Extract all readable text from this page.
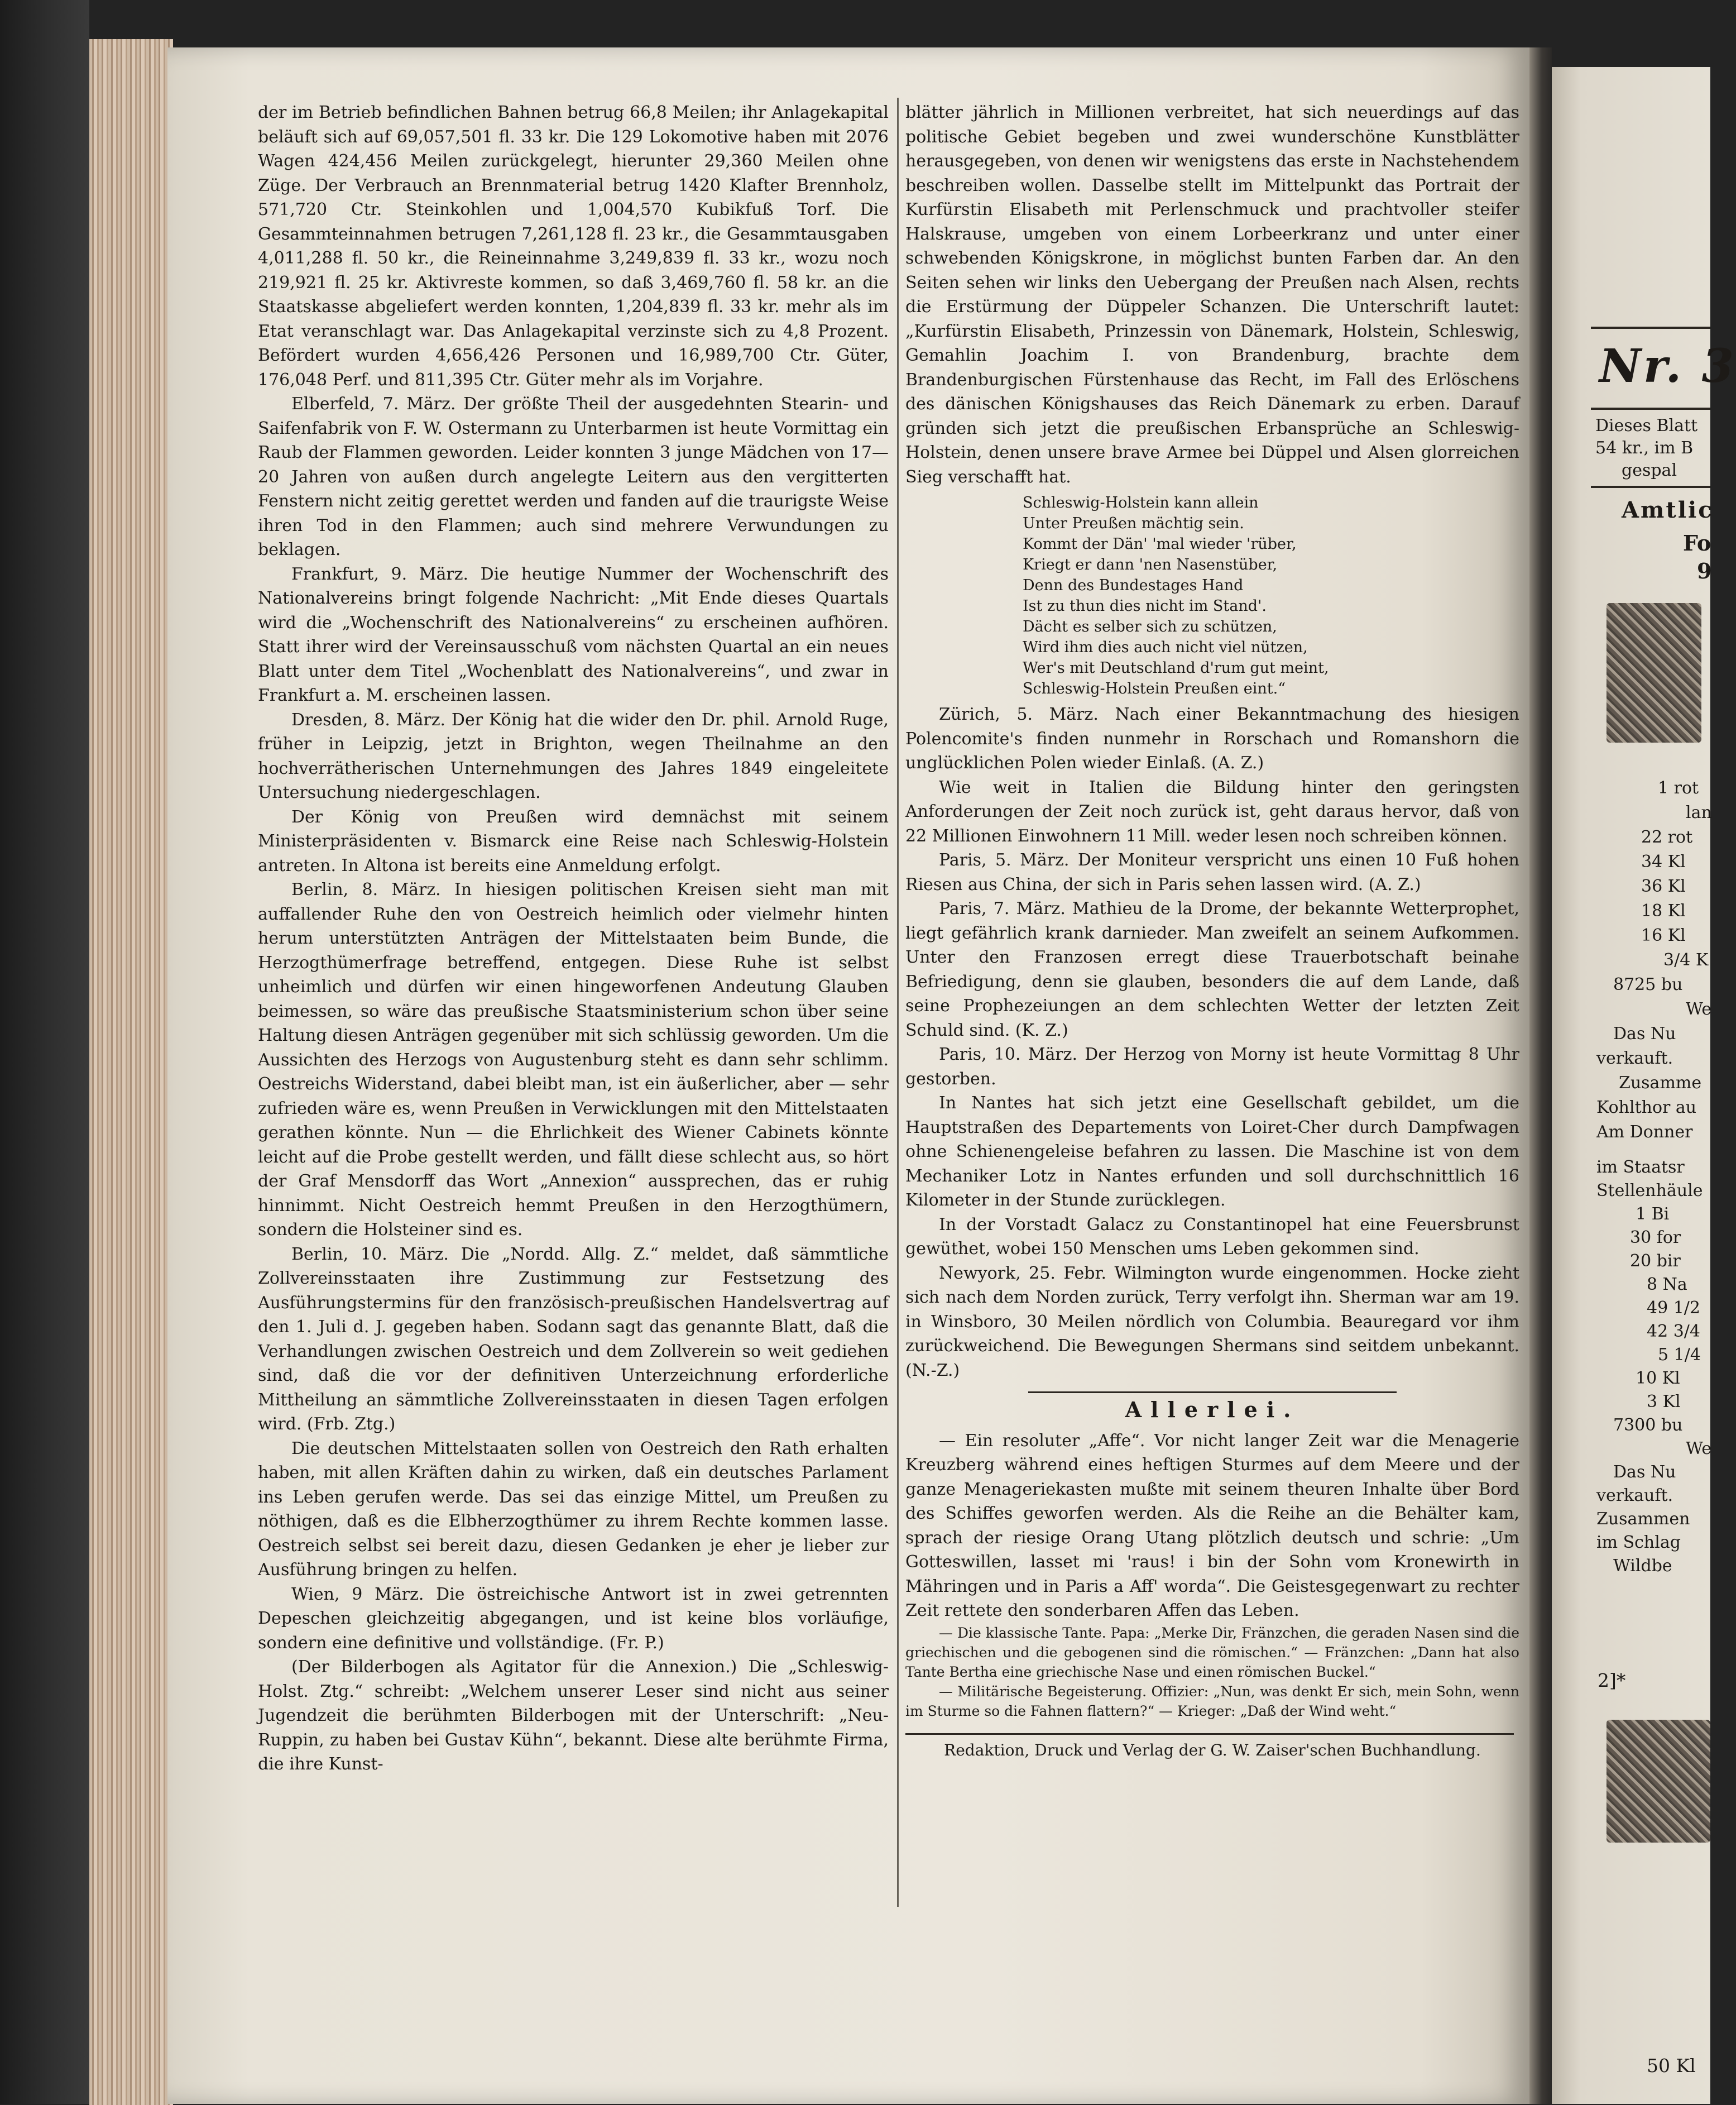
der im Betrieb befindlichen Bahnen betrug 66,8 Meilen; ihr Anlagekapital beläuft sich auf 69,057,501 fl. 33 kr. Die 129 Lokomotive haben mit 2076 Wagen 424,456 Meilen zurückgelegt, hierunter 29,360 Meilen ohne Züge. Der Verbrauch an Brennmaterial betrug 1420 Klafter Brennholz, 571,720 Ctr. Steinkohlen und 1,004,570 Kubikfuß Torf. Die Gesammteinnahmen betrugen 7,261,128 fl. 23 kr., die Gesammtausgaben 4,011,288 fl. 50 kr., die Reineinnahme 3,249,839 fl. 33 kr., wozu noch 219,921 fl. 25 kr. Aktivreste kommen, so daß 3,469,760 fl. 58 kr. an die Staatskasse abgeliefert werden konnten, 1,204,839 fl. 33 kr. mehr als im Etat veranschlagt war. Das Anlagekapital verzinste sich zu 4,8 Prozent. Befördert wurden 4,656,426 Personen und 16,989,700 Ctr. Güter, 176,048 Perf. und 811,395 Ctr. Güter mehr als im Vorjahre.

Elberfeld, 7. März. Der größte Theil der ausgedehnten Stearin- und Saifenfabrik von F. W. Ostermann zu Unterbarmen ist heute Vormittag ein Raub der Flammen geworden. Leider konnten 3 junge Mädchen von 17—20 Jahren von außen durch angelegte Leitern aus den vergitterten Fenstern nicht zeitig gerettet werden und fanden auf die traurigste Weise ihren Tod in den Flammen; auch sind mehrere Verwundungen zu beklagen.

Frankfurt, 9. März. Die heutige Nummer der Wochenschrift des Nationalvereins bringt folgende Nachricht: „Mit Ende dieses Quartals wird die „Wochenschrift des Nationalvereins“ zu erscheinen aufhören. Statt ihrer wird der Vereinsausschuß vom nächsten Quartal an ein neues Blatt unter dem Titel „Wochenblatt des Nationalvereins“, und zwar in Frankfurt a. M. erscheinen lassen.

Dresden, 8. März. Der König hat die wider den Dr. phil. Arnold Ruge, früher in Leipzig, jetzt in Brighton, wegen Theilnahme an den hochverrätherischen Unternehmungen des Jahres 1849 eingeleitete Untersuchung niedergeschlagen.

Der König von Preußen wird demnächst mit seinem Ministerpräsidenten v. Bismarck eine Reise nach Schleswig-Holstein antreten. In Altona ist bereits eine Anmeldung erfolgt.

Berlin, 8. März. In hiesigen politischen Kreisen sieht man mit auffallender Ruhe den von Oestreich heimlich oder vielmehr hinten herum unterstützten Anträgen der Mittelstaaten beim Bunde, die Herzogthümerfrage betreffend, entgegen. Diese Ruhe ist selbst unheimlich und dürfen wir einen hingeworfenen Andeutung Glauben beimessen, so wäre das preußische Staatsministerium schon über seine Haltung diesen Anträgen gegenüber mit sich schlüssig geworden. Um die Aussichten des Herzogs von Augustenburg steht es dann sehr schlimm. Oestreichs Widerstand, dabei bleibt man, ist ein äußerlicher, aber — sehr zufrieden wäre es, wenn Preußen in Verwicklungen mit den Mittelstaaten gerathen könnte. Nun — die Ehrlichkeit des Wiener Cabinets könnte leicht auf die Probe gestellt werden, und fällt diese schlecht aus, so hört der Graf Mensdorff das Wort „Annexion“ aussprechen, das er ruhig hinnimmt. Nicht Oestreich hemmt Preußen in den Herzogthümern, sondern die Holsteiner sind es.

Berlin, 10. März. Die „Nordd. Allg. Z.“ meldet, daß sämmtliche Zollvereinsstaaten ihre Zustimmung zur Festsetzung des Ausführungstermins für den französisch-preußischen Handelsvertrag auf den 1. Juli d. J. gegeben haben. Sodann sagt das genannte Blatt, daß die Verhandlungen zwischen Oestreich und dem Zollverein so weit gediehen sind, daß die vor der definitiven Unterzeichnung erforderliche Mittheilung an sämmtliche Zollvereinsstaaten in diesen Tagen erfolgen wird. (Frb. Ztg.)

Die deutschen Mittelstaaten sollen von Oestreich den Rath erhalten haben, mit allen Kräften dahin zu wirken, daß ein deutsches Parlament ins Leben gerufen werde. Das sei das einzige Mittel, um Preußen zu nöthigen, daß es die Elbherzogthümer zu ihrem Rechte kommen lasse. Oestreich selbst sei bereit dazu, diesen Gedanken je eher je lieber zur Ausführung bringen zu helfen.

Wien, 9 März. Die östreichische Antwort ist in zwei getrennten Depeschen gleichzeitig abgegangen, und ist keine blos vorläufige, sondern eine definitive und vollständige. (Fr. P.)

(Der Bilderbogen als Agitator für die Annexion.) Die „Schleswig-Holst. Ztg.“ schreibt: „Welchem unserer Leser sind nicht aus seiner Jugendzeit die berühmten Bilderbogen mit der Unterschrift: „Neu-Ruppin, zu haben bei Gustav Kühn“, bekannt. Diese alte berühmte Firma, die ihre Kunst-

blätter jährlich in Millionen verbreitet, hat sich neuerdings auf das politische Gebiet begeben und zwei wunderschöne Kunstblätter herausgegeben, von denen wir wenigstens das erste in Nachstehendem beschreiben wollen. Dasselbe stellt im Mittelpunkt das Portrait der Kurfürstin Elisabeth mit Perlenschmuck und prachtvoller steifer Halskrause, umgeben von einem Lorbeerkranz und unter einer schwebenden Königskrone, in möglichst bunten Farben dar. An den Seiten sehen wir links den Uebergang der Preußen nach Alsen, rechts die Erstürmung der Düppeler Schanzen. Die Unterschrift lautet: „Kurfürstin Elisabeth, Prinzessin von Dänemark, Holstein, Schleswig, Gemahlin Joachim I. von Brandenburg, brachte dem Brandenburgischen Fürstenhause das Recht, im Fall des Erlöschens des dänischen Königshauses das Reich Dänemark zu erben. Darauf gründen sich jetzt die preußischen Erbansprüche an Schleswig-Holstein, denen unsere brave Armee bei Düppel und Alsen glorreichen Sieg verschafft hat.

Schleswig-Holstein kann allein
Unter Preußen mächtig sein.
Kommt der Dän' 'mal wieder 'rüber,
Kriegt er dann 'nen Nasenstüber,
Denn des Bundestages Hand
Ist zu thun dies nicht im Stand'.
Dächt es selber sich zu schützen,
Wird ihm dies auch nicht viel nützen,
Wer's mit Deutschland d'rum gut meint,
Schleswig-Holstein Preußen eint.“

Zürich, 5. März. Nach einer Bekanntmachung des hiesigen Polencomite's finden nunmehr in Rorschach und Romanshorn die unglücklichen Polen wieder Einlaß. (A. Z.)

Wie weit in Italien die Bildung hinter den geringsten Anforderungen der Zeit noch zurück ist, geht daraus hervor, daß von 22 Millionen Einwohnern 11 Mill. weder lesen noch schreiben können.

Paris, 5. März. Der Moniteur verspricht uns einen 10 Fuß hohen Riesen aus China, der sich in Paris sehen lassen wird. (A. Z.)

Paris, 7. März. Mathieu de la Drome, der bekannte Wetterprophet, liegt gefährlich krank darnieder. Man zweifelt an seinem Aufkommen. Unter den Franzosen erregt diese Trauerbotschaft beinahe Befriedigung, denn sie glauben, besonders die auf dem Lande, daß seine Prophezeiungen an dem schlechten Wetter der letzten Zeit Schuld sind. (K. Z.)

Paris, 10. März. Der Herzog von Morny ist heute Vormittag 8 Uhr gestorben.

In Nantes hat sich jetzt eine Gesellschaft gebildet, um die Hauptstraßen des Departements von Loiret-Cher durch Dampfwagen ohne Schienengeleise befahren zu lassen. Die Maschine ist von dem Mechaniker Lotz in Nantes erfunden und soll durchschnittlich 16 Kilometer in der Stunde zurücklegen.

In der Vorstadt Galacz zu Constantinopel hat eine Feuersbrunst gewüthet, wobei 150 Menschen ums Leben gekommen sind.

Newyork, 25. Febr. Wilmington wurde eingenommen. Hocke zieht sich nach dem Norden zurück, Terry verfolgt ihn. Sherman war am 19. in Winsboro, 30 Meilen nördlich von Columbia. Beauregard vor ihm zurückweichend. Die Bewegungen Shermans sind seitdem unbekannt. (N.-Z.)

Allerlei.

— Ein resoluter „Affe“. Vor nicht langer Zeit war die Menagerie Kreuzberg während eines heftigen Sturmes auf dem Meere und der ganze Menageriekasten mußte mit seinem theuren Inhalte über Bord des Schiffes geworfen werden. Als die Reihe an die Behälter kam, sprach der riesige Orang Utang plötzlich deutsch und schrie: „Um Gotteswillen, lasset mi 'raus! i bin der Sohn vom Kronewirth in Mähringen und in Paris a Aff' worda“. Die Geistesgegenwart zu rechter Zeit rettete den sonderbaren Affen das Leben.

— Die klassische Tante. Papa: „Merke Dir, Fränzchen, die geraden Nasen sind die griechischen und die gebogenen sind die römischen.“ — Fränzchen: „Dann hat also Tante Bertha eine griechische Nase und einen römischen Buckel.“

— Militärische Begeisterung. Offizier: „Nun, was denkt Er sich, mein Sohn, wenn im Sturme so die Fahnen flattern?“ — Krieger: „Daß der Wind weht.“

Redaktion, Druck und Verlag der G. W. Zaiser'schen Buchhandlung.
Nr. 3
Dieses Blatt
54 kr., im B
gespal
Amtlic
Fo
9
1 rot
lan
22 rot
34 Kl
36 Kl
18 Kl
16 Kl
3/4 K
8725 bu
We
Das Nu
verkauft.
Zusamme
Kohlthor au
Am Donner
im Staatsr
Stellenhäule
1 Bi
30 for
20 bir
8 Na
49 1/2
42 3/4
5 1/4
10 Kl
3 Kl
7300 bu
We
Das Nu
verkauft.
Zusammen
im Schlag
Wildbe
2]*
50 Kl
